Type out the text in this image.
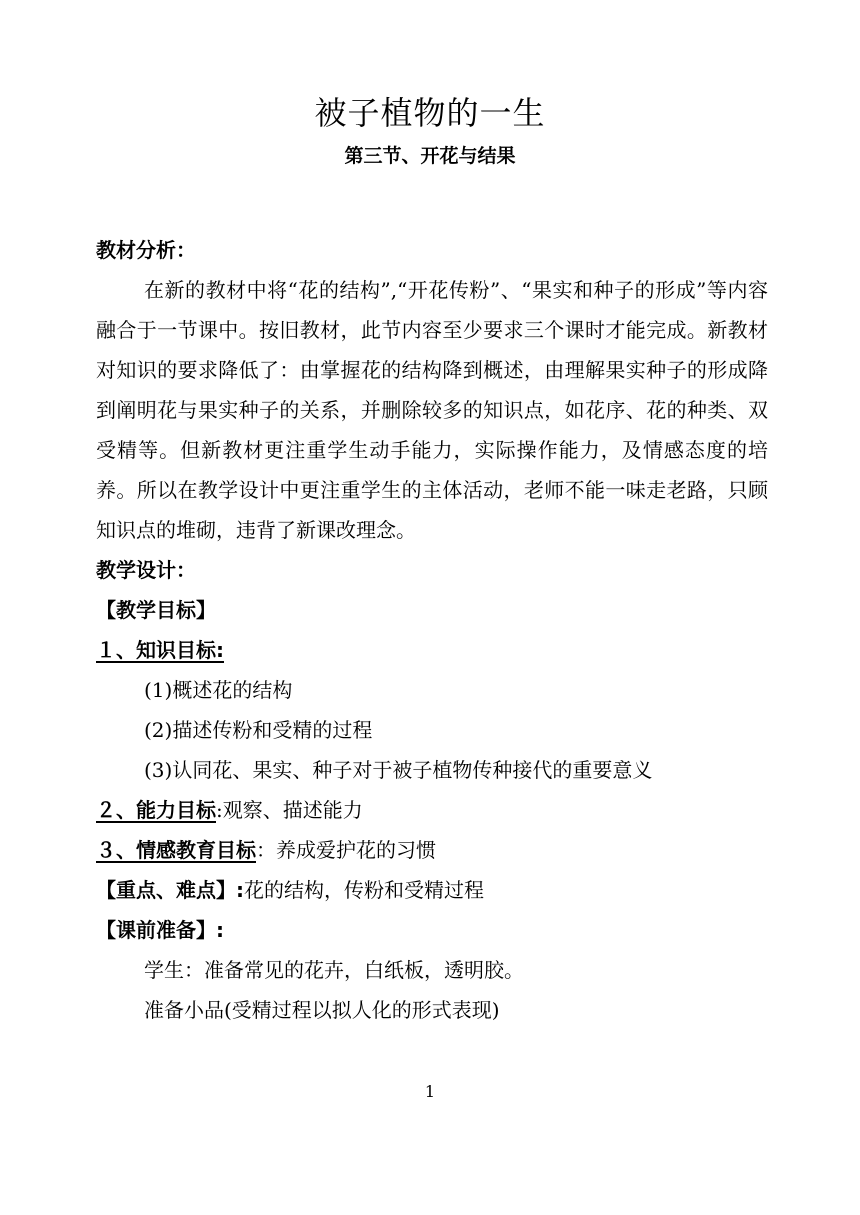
被子植物的一生
第三节、开花与结果
教材分析：

在新的教材中将“花的结构”,“开花传粉”、“果实和种子的形成”等内容融合于一节课中。按旧教材，此节内容至少要求三个课时才能完成。新教材对知识的要求降低了：由掌握花的结构降到概述，由理解果实种子的形成降到阐明花与果实种子的关系，并删除较多的知识点，如花序、花的种类、双受精等。但新教材更注重学生动手能力，实际操作能力，及情感态度的培养。所以在教学设计中更注重学生的主体活动，老师不能一味走老路，只顾知识点的堆砌，违背了新课改理念。

教学设计：
【教学目标】
１、知识目标:
(1)概述花的结构
(2)描述传粉和受精的过程
(3)认同花、果实、种子对于被子植物传种接代的重要意义
２、能力目标:观察、描述能力
３、情感教育目标：养成爱护花的习惯
【重点、难点】:花的结构，传粉和受精过程
【课前准备】:
学生：准备常见的花卉，白纸板，透明胶。
准备小品(受精过程以拟人化的形式表现)
1
